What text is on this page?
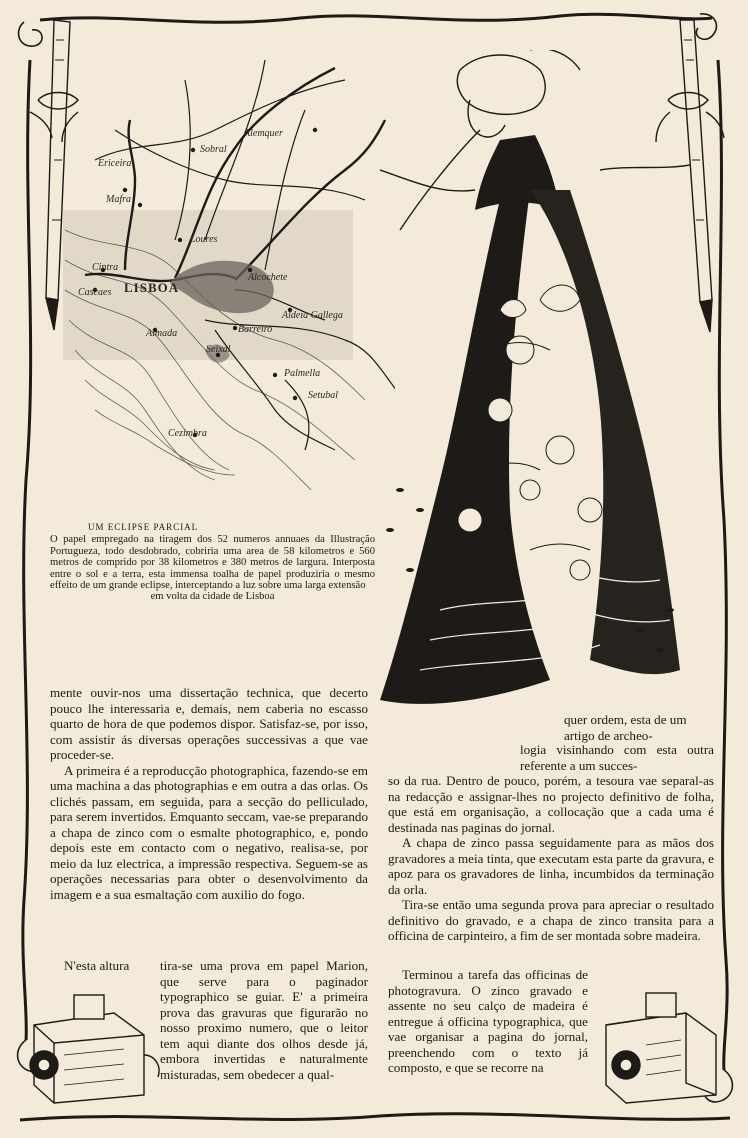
Alemquer
Sobral
Ericeira
Mafra
Loures
Cintra
LISBOA
Cascaes
Alcochete
Aldeia Gallega
Almada	Barreiro
Seixal
Palmella
Setubal
Cezimbra
UM ECLIPSE PARCIAL
O papel empregado na tiragem dos 52 numeros annuaes da Illustração Portugueza, todo desdobrado, cobriria uma area de 58 kilometros e 560 metros de comprido por 38 kilometros e 380 metros de largura. Interposta entre o sol e a terra, esta immensa toalha de papel produziria o mesmo effeito de um grande eclipse, interceptando a luz sobre uma larga extensão
em volta da cidade de Lisboa

mente ouvir-nos uma dissertação technica, que decerto pouco lhe interessaria e, demais, nem caberia no escasso quarto de hora de que podemos dispor. Satisfaz-se, por isso, com assistir ás diversas operações successivas a que vae proceder-se.

A primeira é a reproducção photographica, fazendo-se em uma machina a das photographias e em outra a das orlas. Os clichés passam, em seguida, para a secção do pelliculado, para serem invertidos. Emquanto seccam, vae-se preparando a chapa de zinco com o esmalte photographico, e, pondo depois este em contacto com o negativo, realisa-se, por meio da luz electrica, a impressão respectiva. Seguem-se as operações necessarias para obter o desenvolvimento da imagem e a sua esmaltação com auxilio do fogo.

N'esta altura	tira-se uma prova em papel Marion, que serve para o paginador typographico se guiar. E' a primeira prova das gravuras que figurarão no nosso proximo numero, que o leitor tem aqui diante dos olhos desde já, embora invertidas e naturalmente misturadas, sem obedecer a qual-

quer ordem, esta de um artigo de archeo-

logia visinhando com esta outra referente a um succes-

so da rua. Dentro de pouco, porém, a tesoura vae separal-as na redacção e assignar-lhes no projecto definitivo de folha, que está em organisação, a collocação que a cada uma é destinada nas paginas do jornal.

A chapa de zinco passa seguidamente para as mãos dos gravadores a meia tinta, que executam esta parte da gravura, e apoz para os gravadores de linha, incumbidos da terminação da orla.

Tira-se então uma segunda prova para apreciar o resultado definitivo do gravado, e a chapa de zinco transita para a officina de carpinteiro, a fim de ser montada sobre madeira.

Terminou a tarefa das officinas de photogravura. O zinco gravado e assente no seu calço de madeira é entregue á officina typographica, que vae organisar a pagina do jornal, preenchendo com o texto já composto, e que se recorre na
